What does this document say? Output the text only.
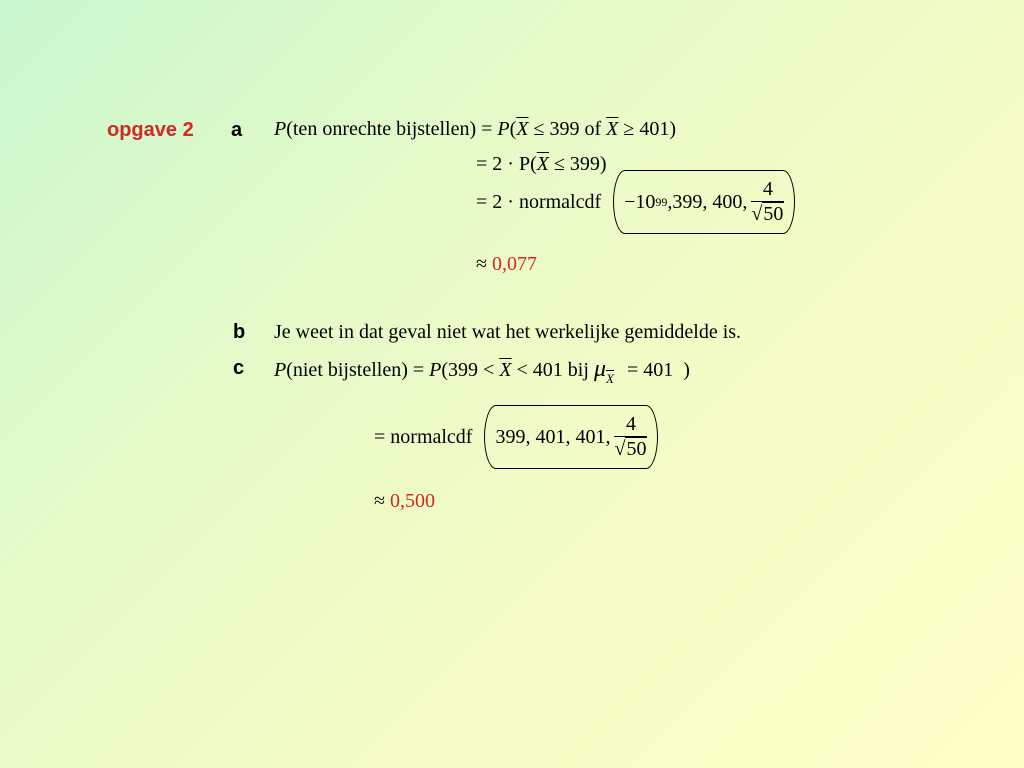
opgave 2 a
b
c
P(ten onrechte bijstellen) = $P(\overline{X} \le 399$ of $\overline{X} \ge 401$)
= $2 \cdot P(\overline{X} \le 399)$
= 2 · normalcdf −10 99 ,399, 400, $\frac{4}{√50}$
≈ 0,077
Je weet in dat geval niet wat het werkelijke gemiddelde is.
P(niet bijstellen) = $P(399 < \overline{X} < 401$ bij $\mu_{\overline{X}} = 401$ )
= normalcdf 399, 401, 401, $\frac{4}{√50}$
≈ 0,500
